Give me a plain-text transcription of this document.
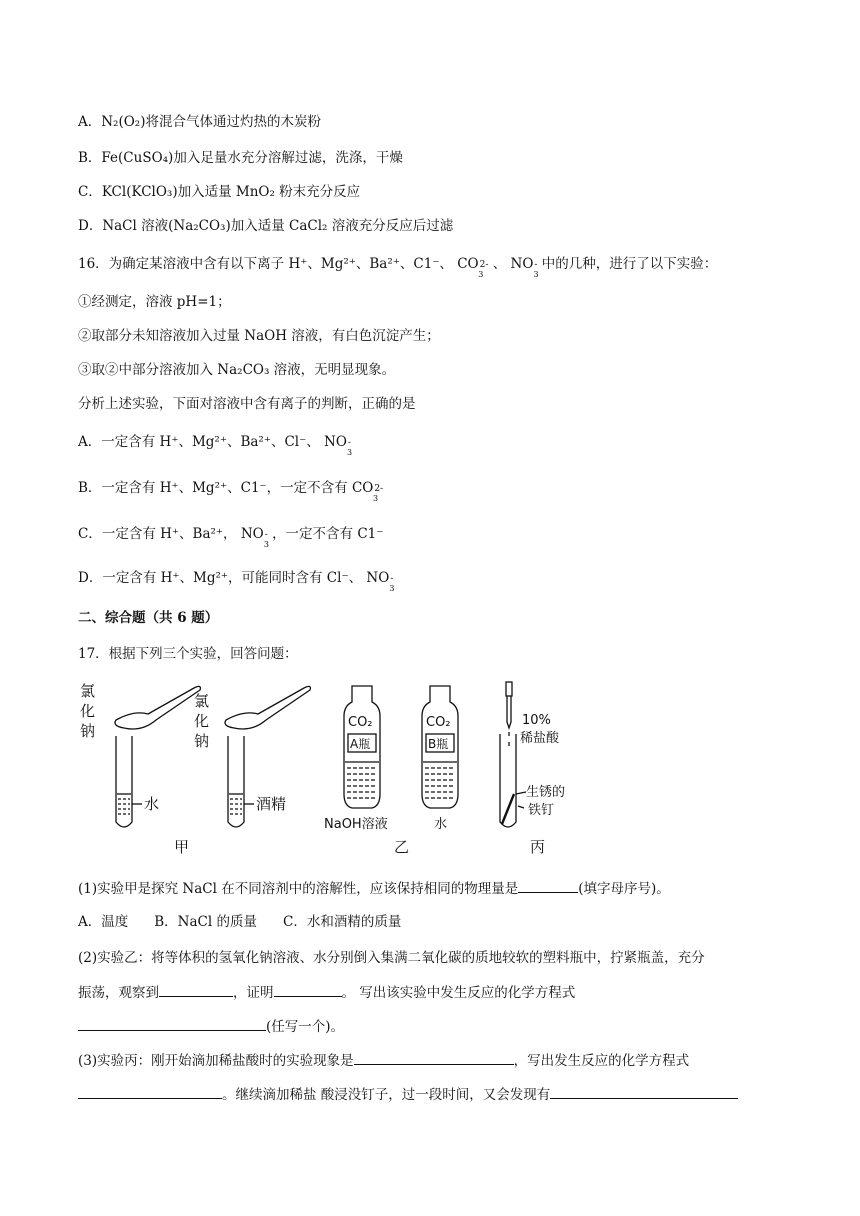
A．N₂(O₂)将混合气体通过灼热的木炭粉
B．Fe(CuSO₄)加入足量水充分溶解过滤，洗涤，干燥
C．KCl(KClO₃)加入适量 MnO₂ 粉末充分反应
D．NaCl 溶液(Na₂CO₃)加入适量 CaCl₂ 溶液充分反应后过滤
16．为确定某溶液中含有以下离子 H⁺、Mg²⁺、Ba²⁺、C1⁻、 CO2-
3
、 NO-
3
中的几种，进行了以下实验：
①经测定，溶液 pH=1；
②取部分未知溶液加入过量 NaOH 溶液，有白色沉淀产生；
③取②中部分溶液加入 Na₂CO₃ 溶液，无明显现象。
分析上述实验，下面对溶液中含有离子的判断，正确的是
A．一定含有 H⁺、Mg²⁺、Ba²⁺、Cl⁻、 NO-
3
B．一定含有 H⁺、Mg²⁺、C1⁻，一定不含有 CO2-
3
C．一定含有 H⁺、Ba²⁺， NO-
3
，一定不含有 C1⁻
D．一定含有 H⁺、Mg²⁺，可能同时含有 Cl⁻、 NO-
3
二、综合题（共 6 题）
17．根据下列三个实验，回答问题：
氯
化
钠
氯
化
钠
水	酒精
CO₂
A瓶
CO₂
B瓶
NaOH溶液	水
10%
稀盐酸
生锈的
铁钉
甲	乙	丙
(1)实验甲是探究 NaCl 在不同溶剂中的溶解性，应该保持相同的物理量是	(填字母序号)。
A．温度 B．NaCl 的质量 C．水和酒精的质量
(2)实验乙：将等体积的氢氧化钠溶液、水分别倒入集满二氧化碳的质地较软的塑料瓶中，拧紧瓶盖，充分
振荡，观察到	，证明	。 写出该实验中发生反应的化学方程式
(任写一个)。
(3)实验丙：刚开始滴加稀盐酸时的实验现象是	，写出发生反应的化学方程式
。继续滴加稀盐 酸浸没钉子，过一段时间，又会发现有
